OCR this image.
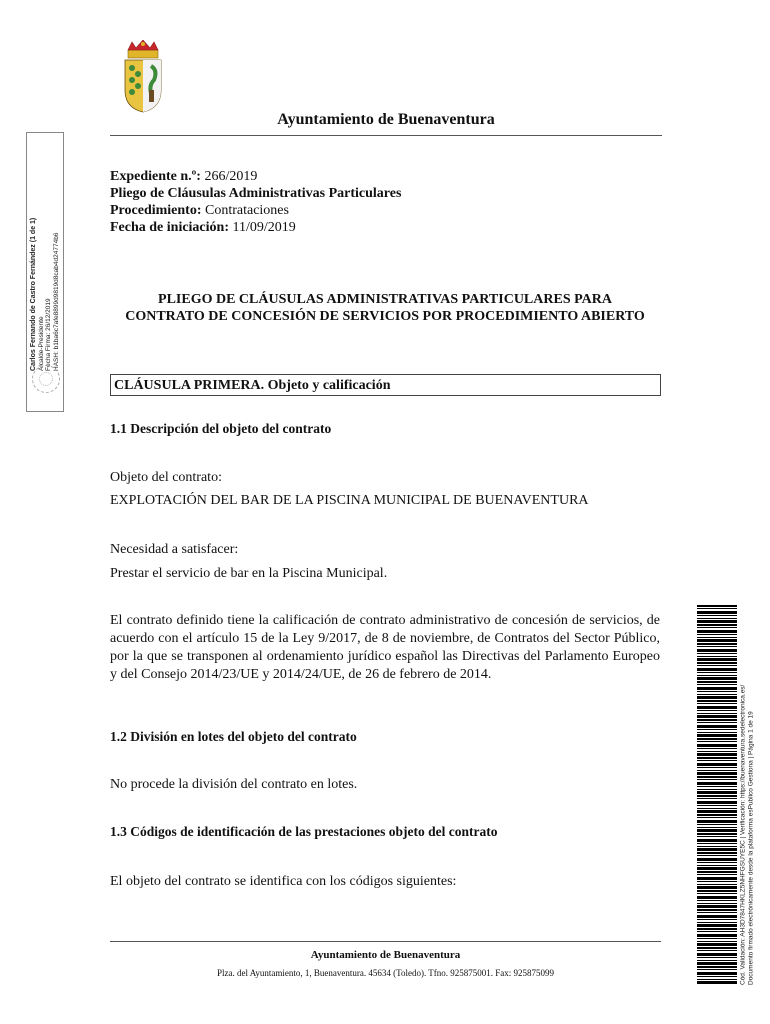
Ayuntamiento de Buenaventura
Carlos Fernando de Castro Fernández (1 de 1) Alcalde-Presidente Fecha Firma: 26/12/2019 HASH: b1ba6c7afe8899d9819d8cab4d24774b6
Expediente n.º: 266/2019
Pliego de Cláusulas Administrativas Particulares
Procedimiento: Contrataciones
Fecha de iniciación: 11/09/2019
PLIEGO DE CLÁUSULAS ADMINISTRATIVAS PARTICULARES PARA CONTRATO DE CONCESIÓN DE SERVICIOS POR PROCEDIMIENTO ABIERTO
CLÁUSULA PRIMERA. Objeto y calificación
1.1 Descripción del objeto del contrato
Objeto del contrato:
EXPLOTACIÓN DEL BAR DE LA PISCINA MUNICIPAL DE BUENAVENTURA
Necesidad a satisfacer:
Prestar el servicio de bar en la Piscina Municipal.
El contrato definido tiene la calificación de contrato administrativo de concesión de servicios, de acuerdo con el artículo 15 de la Ley 9/2017, de 8 de noviembre, de Contratos del Sector Público, por la que se transponen al ordenamiento jurídico español las Directivas del Parlamento Europeo y del Consejo 2014/23/UE y 2014/24/UE, de 26 de febrero de 2014.
1.2 División en lotes del objeto del contrato
No procede la división del contrato en lotes.
1.3 Códigos de identificación de las prestaciones objeto del contrato
El objeto del contrato se identifica con los códigos siguientes:
Ayuntamiento de Buenaventura
Plza. del Ayuntamiento, 1, Buenaventura. 45634 (Toledo). Tfno. 925875001. Fax: 925875099	Cód. Validación: AH3D7847HKLZ5NHFGSUYE5C | Verificación: https://buenaventura.sedelectronica.es/ Documento firmado electrónicamente desde la plataforma esPublico Gestiona | Página 1 de 19
